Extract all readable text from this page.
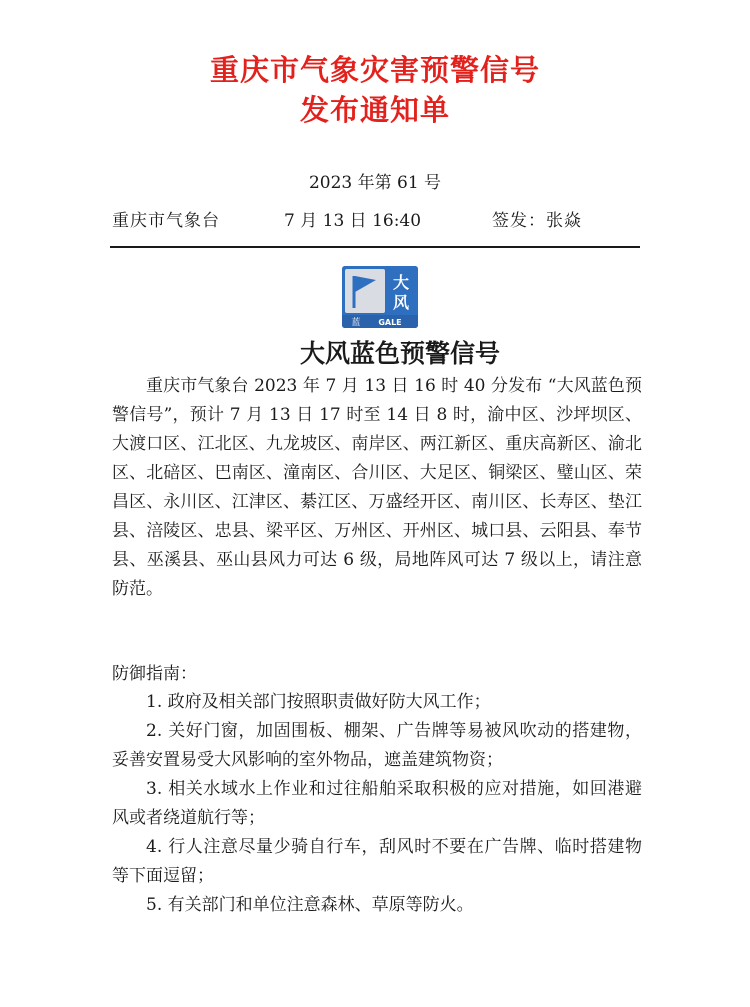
重庆市气象灾害预警信号
发布通知单
2023 年第 61 号
重庆市气象台	7 月 13 日 16:40	签发：张焱
大
风
蓝 GALE
大风蓝色预警信号

重庆市气象台 2023 年 7 月 13 日 16 时 40 分发布 “大风蓝色预警信号”，预计 7 月 13 日 17 时至 14 日 8 时，渝中区、沙坪坝区、大渡口区、江北区、九龙坡区、南岸区、两江新区、重庆高新区、渝北区、北碚区、巴南区、潼南区、合川区、大足区、铜梁区、璧山区、荣昌区、永川区、江津区、綦江区、万盛经开区、南川区、长寿区、垫江县、涪陵区、忠县、梁平区、万州区、开州区、城口县、云阳县、奉节县、巫溪县、巫山县风力可达 6 级，局地阵风可达 7 级以上，请注意防范。

防御指南：
1. 政府及相关部门按照职责做好防大风工作；
2. 关好门窗，加固围板、棚架、广告牌等易被风吹动的搭建物，妥善安置易受大风影响的室外物品，遮盖建筑物资；
3. 相关水域水上作业和过往船舶采取积极的应对措施，如回港避风或者绕道航行等；
4. 行人注意尽量少骑自行车，刮风时不要在广告牌、临时搭建物等下面逗留；
5. 有关部门和单位注意森林、草原等防火。
